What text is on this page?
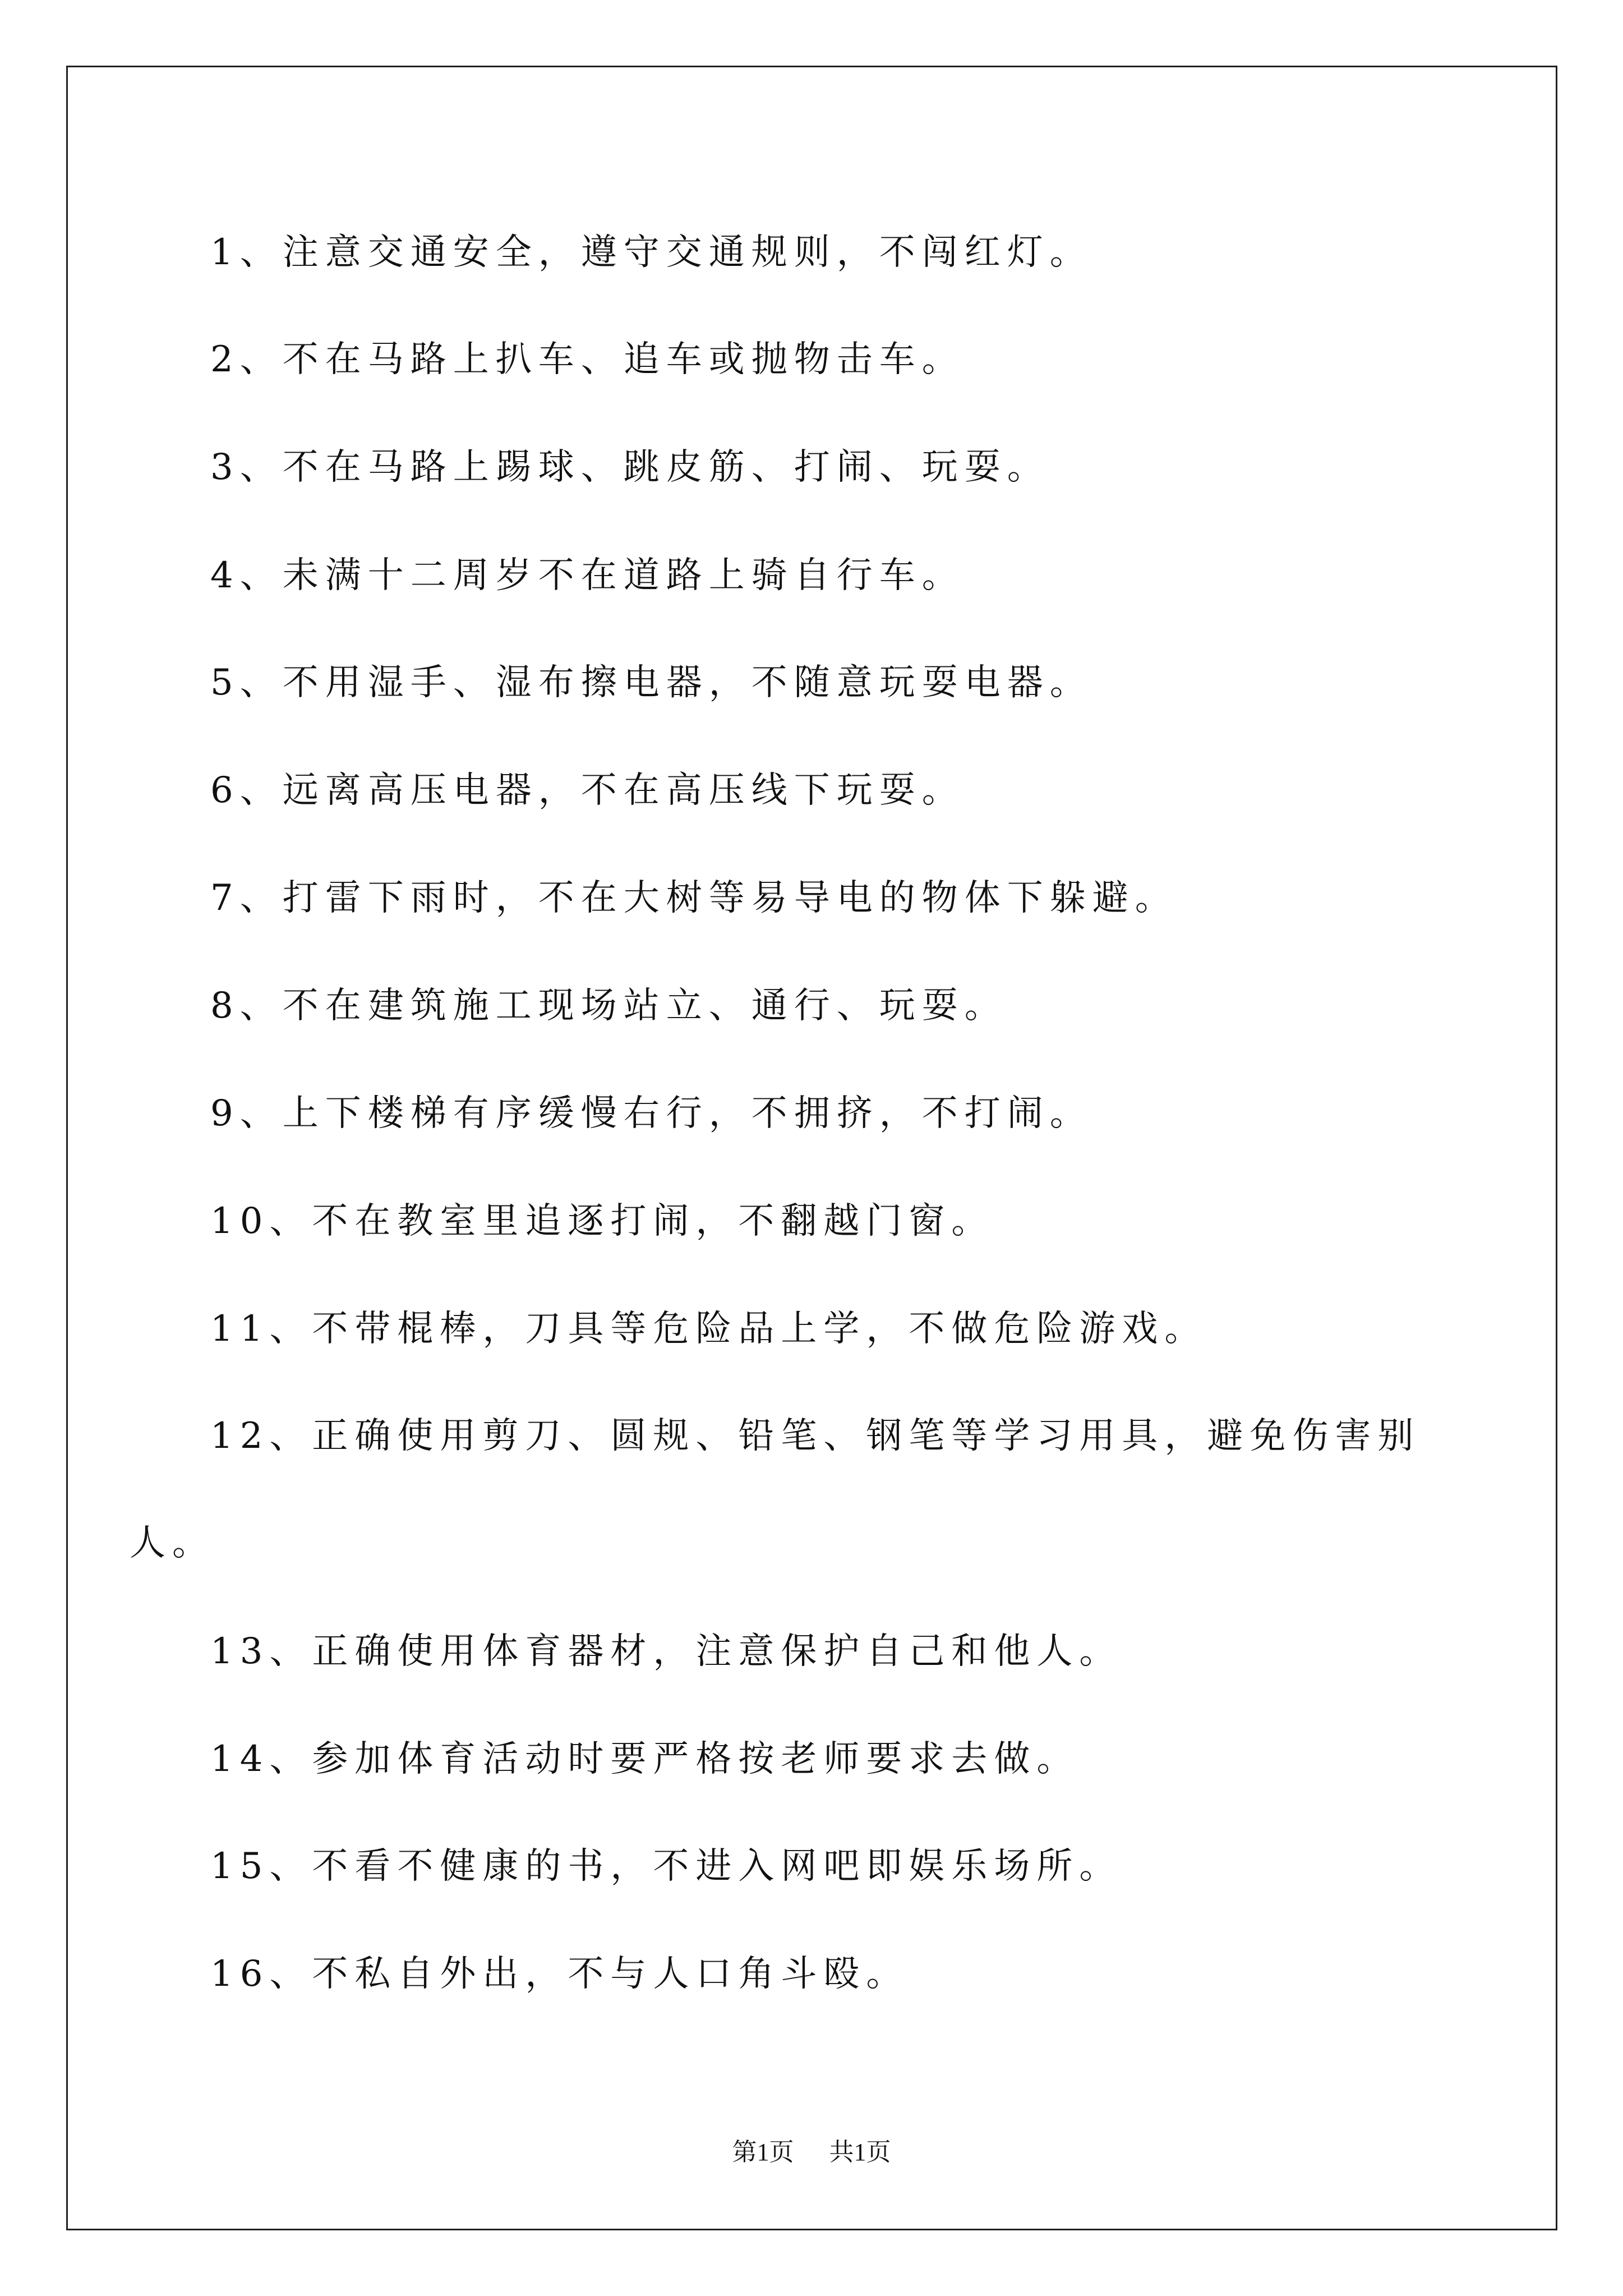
1、注意交通安全，遵守交通规则，不闯红灯。
2、不在马路上扒车、追车或抛物击车。
3、不在马路上踢球、跳皮筋、打闹、玩耍。
4、未满十二周岁不在道路上骑自行车。
5、不用湿手、湿布擦电器，不随意玩耍电器。
6、远离高压电器，不在高压线下玩耍。
7、打雷下雨时，不在大树等易导电的物体下躲避。
8、不在建筑施工现场站立、通行、玩耍。
9、上下楼梯有序缓慢右行，不拥挤，不打闹。
10、不在教室里追逐打闹，不翻越门窗。
11、不带棍棒，刀具等危险品上学，不做危险游戏。
12、正确使用剪刀、圆规、铅笔、钢笔等学习用具，避免伤害别
人。
13、正确使用体育器材，注意保护自己和他人。
14、参加体育活动时要严格按老师要求去做。
15、不看不健康的书，不进入网吧即娱乐场所。
16、不私自外出，不与人口角斗殴。
第1页 共1页
